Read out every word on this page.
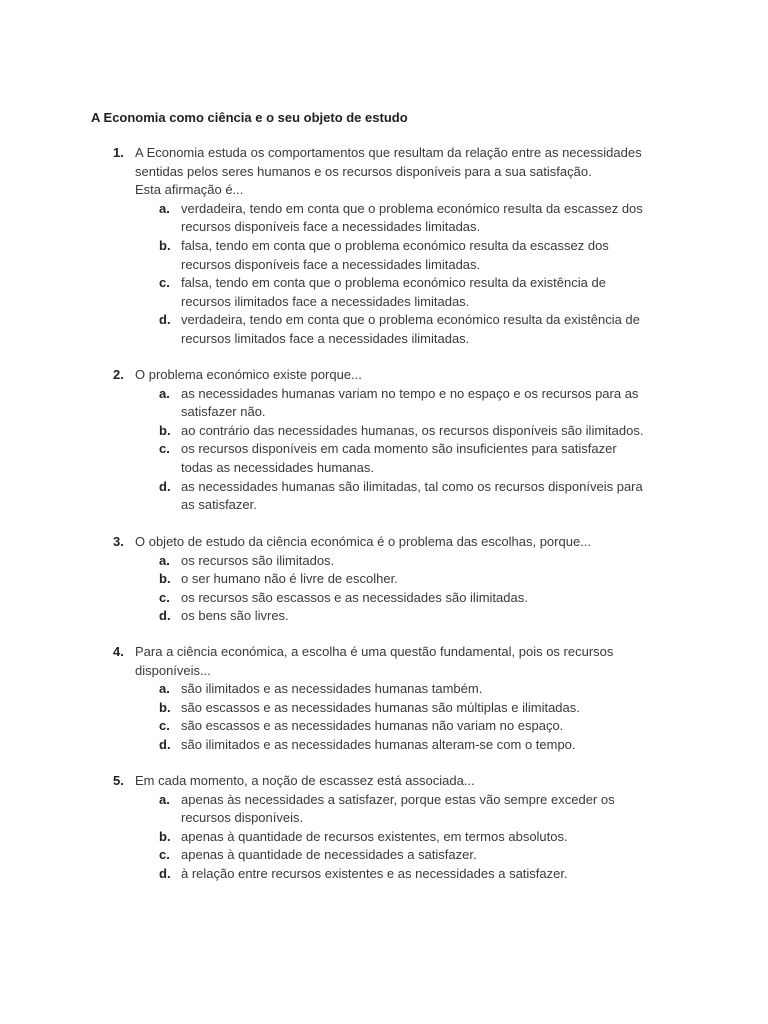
A Economia como ciência e o seu objeto de estudo
1. A Economia estuda os comportamentos que resultam da relação entre as necessidades
sentidas pelos seres humanos e os recursos disponíveis para a sua satisfação.
Esta afirmação é...
a. verdadeira, tendo em conta que o problema económico resulta da escassez dos
recursos disponíveis face a necessidades limitadas.
b. falsa, tendo em conta que o problema económico resulta da escassez dos
recursos disponíveis face a necessidades limitadas.
c. falsa, tendo em conta que o problema económico resulta da existência de
recursos ilimitados face a necessidades limitadas.
d. verdadeira, tendo em conta que o problema económico resulta da existência de
recursos limitados face a necessidades ilimitadas.
2. O problema económico existe porque...
a. as necessidades humanas variam no tempo e no espaço e os recursos para as
satisfazer não.
b. ao contrário das necessidades humanas, os recursos disponíveis são ilimitados.
c. os recursos disponíveis em cada momento são insuficientes para satisfazer
todas as necessidades humanas.
d. as necessidades humanas são ilimitadas, tal como os recursos disponíveis para
as satisfazer.
3. O objeto de estudo da ciência económica é o problema das escolhas, porque...
a. os recursos são ilimitados.
b. o ser humano não é livre de escolher.
c. os recursos são escassos e as necessidades são ilimitadas.
d. os bens são livres.
4. Para a ciência económica, a escolha é uma questão fundamental, pois os recursos
disponíveis...
a. são ilimitados e as necessidades humanas também.
b. são escassos e as necessidades humanas são múltiplas e ilimitadas.
c. são escassos e as necessidades humanas não variam no espaço.
d. são ilimitados e as necessidades humanas alteram-se com o tempo.
5. Em cada momento, a noção de escassez está associada...
a. apenas às necessidades a satisfazer, porque estas vão sempre exceder os
recursos disponíveis.
b. apenas à quantidade de recursos existentes, em termos absolutos.
c. apenas à quantidade de necessidades a satisfazer.
d. à relação entre recursos existentes e as necessidades a satisfazer.
